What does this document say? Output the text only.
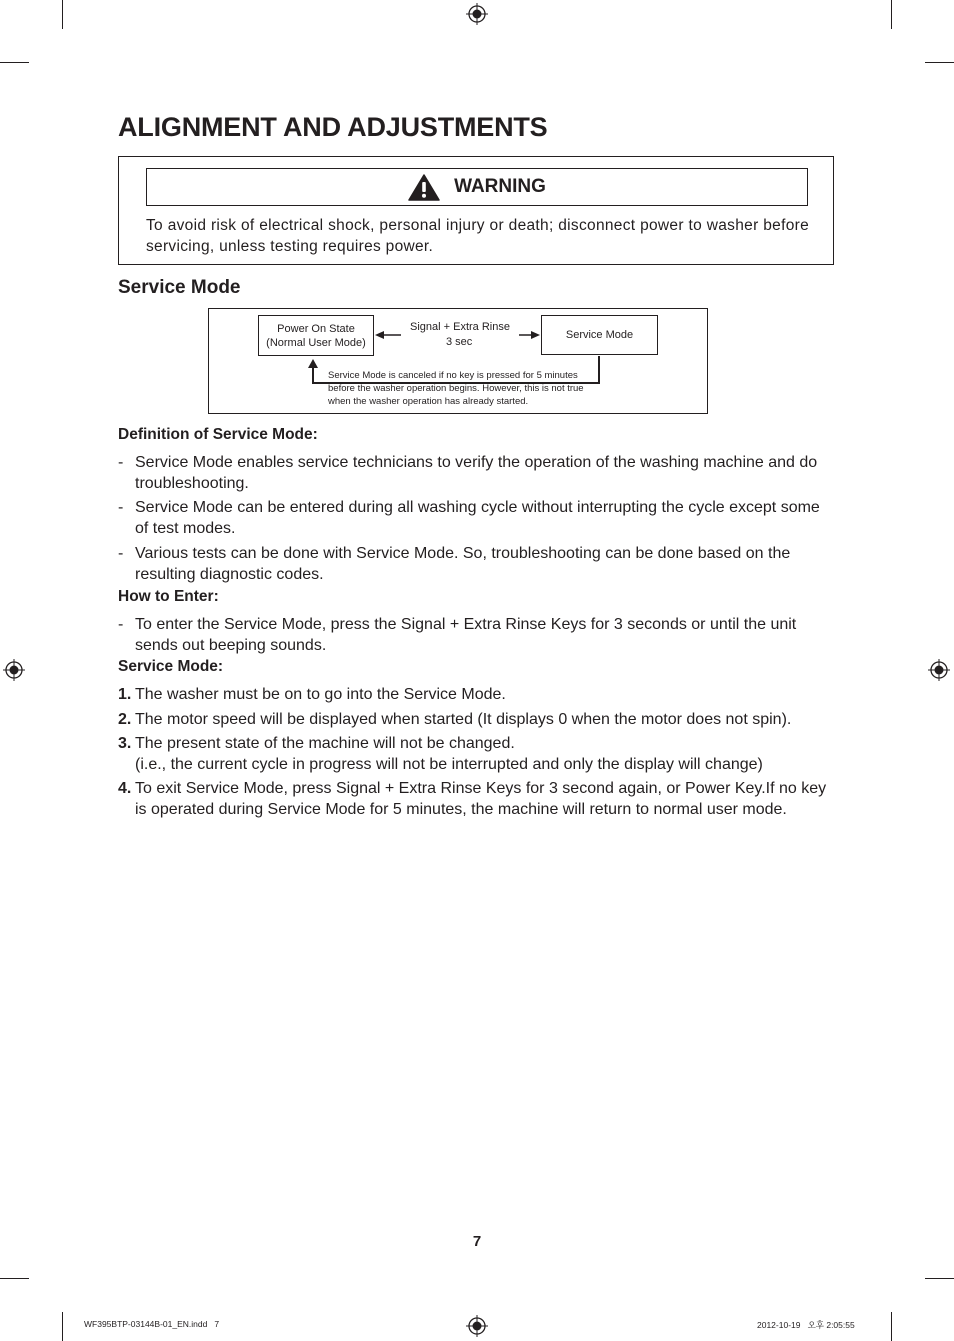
ALIGNMENT AND ADJUSTMENTS
WARNING
To avoid risk of electrical shock, personal injury or death; disconnect power to washer before servicing, unless testing requires power.
Service Mode
Power On State
(Normal User Mode)
Signal + Extra Rinse
3 sec
Service Mode
Service Mode is canceled if no key is pressed for 5 minutes
before the washer operation begins. However, this is not true
when the washer operation has already started.
Definition of Service Mode:
- Service Mode enables service technicians to verify the operation of the washing machine and do troubleshooting.
- Service Mode can be entered during all washing cycle without interrupting the cycle except some of test modes.
- Various tests can be done with Service Mode. So, troubleshooting can be done based on the resulting diagnostic codes.
How to Enter:
- To enter the Service Mode, press the Signal + Extra Rinse Keys for 3 seconds or until the unit sends out beeping sounds.
Service Mode:
1. The washer must be on to go into the Service Mode.
2. The motor speed will be displayed when started (It displays 0 when the motor does not spin).
3. The present state of the machine will not be changed.
(i.e., the current cycle in progress will not be interrupted and only the display will change)
4. To exit Service Mode, press Signal + Extra Rinse Keys for 3 second again, or Power Key.If no key is operated during Service Mode for 5 minutes, the machine will return to normal user mode.
7
WF395BTP-03144B-01_EN.indd   7	2012-10-19   오후 2:05:55
